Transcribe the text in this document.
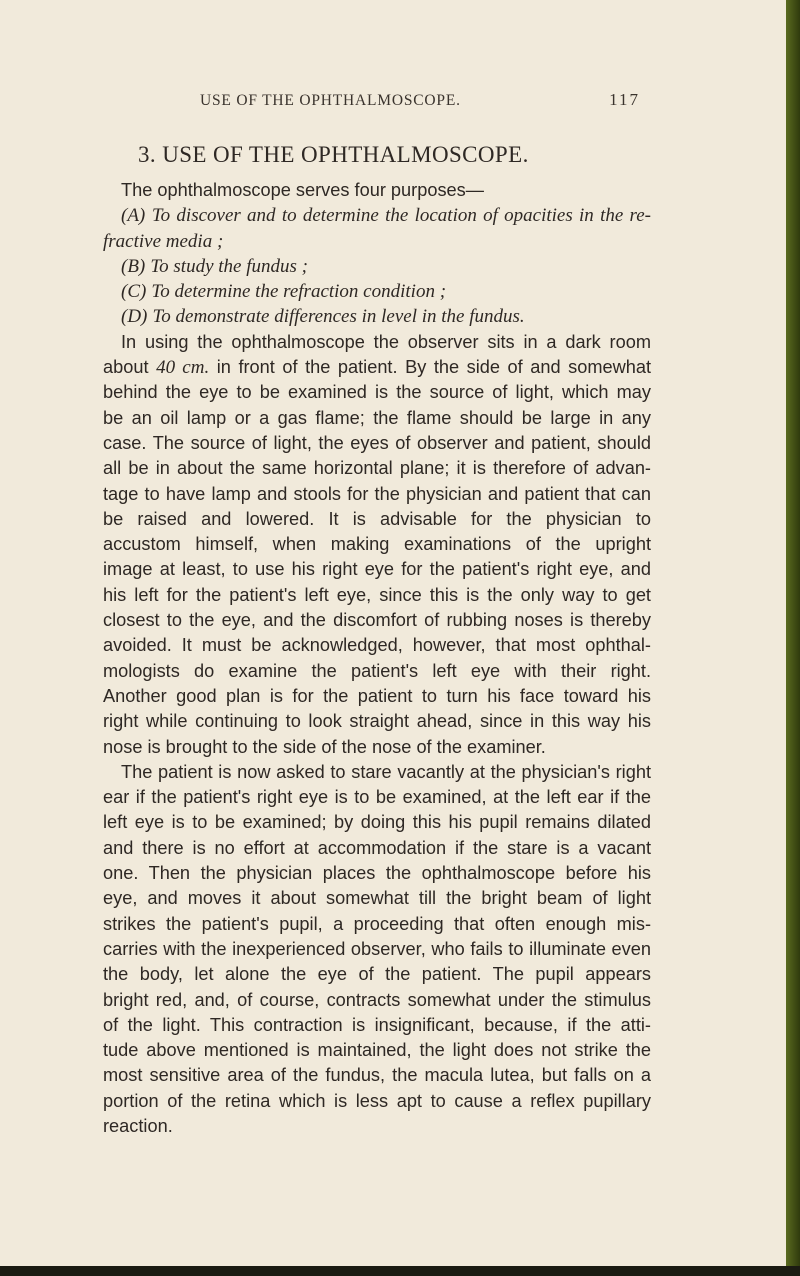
USE OF THE OPHTHALMOSCOPE.	117
3. USE OF THE OPHTHALMOSCOPE.
The ophthalmoscope serves four purposes—
(A) To discover and to determine the location of opacities in the re-
fractive media ;
(B) To study the fundus ;
(C) To determine the refraction condition ;
(D) To demonstrate differences in level in the fundus.
In using the ophthalmoscope the observer sits in a dark room
about 40 cm. in front of the patient. By the side of and somewhat
behind the eye to be examined is the source of light, which may
be an oil lamp or a gas flame; the flame should be large in any
case. The source of light, the eyes of observer and patient, should
all be in about the same horizontal plane; it is therefore of advan-
tage to have lamp and stools for the physician and patient that can
be raised and lowered. It is advisable for the physician to
accustom himself, when making examinations of the upright
image at least, to use his right eye for the patient's right eye, and
his left for the patient's left eye, since this is the only way to get
closest to the eye, and the discomfort of rubbing noses is thereby
avoided. It must be acknowledged, however, that most ophthal-
mologists do examine the patient's left eye with their right.
Another good plan is for the patient to turn his face toward his
right while continuing to look straight ahead, since in this way his
nose is brought to the side of the nose of the examiner.
The patient is now asked to stare vacantly at the physician's right
ear if the patient's right eye is to be examined, at the left ear if the
left eye is to be examined; by doing this his pupil remains dilated
and there is no effort at accommodation if the stare is a vacant
one. Then the physician places the ophthalmoscope before his
eye, and moves it about somewhat till the bright beam of light
strikes the patient's pupil, a proceeding that often enough mis-
carries with the inexperienced observer, who fails to illuminate even
the body, let alone the eye of the patient. The pupil appears
bright red, and, of course, contracts somewhat under the stimulus
of the light. This contraction is insignificant, because, if the atti-
tude above mentioned is maintained, the light does not strike the
most sensitive area of the fundus, the macula lutea, but falls on a
portion of the retina which is less apt to cause a reflex pupillary
reaction.
